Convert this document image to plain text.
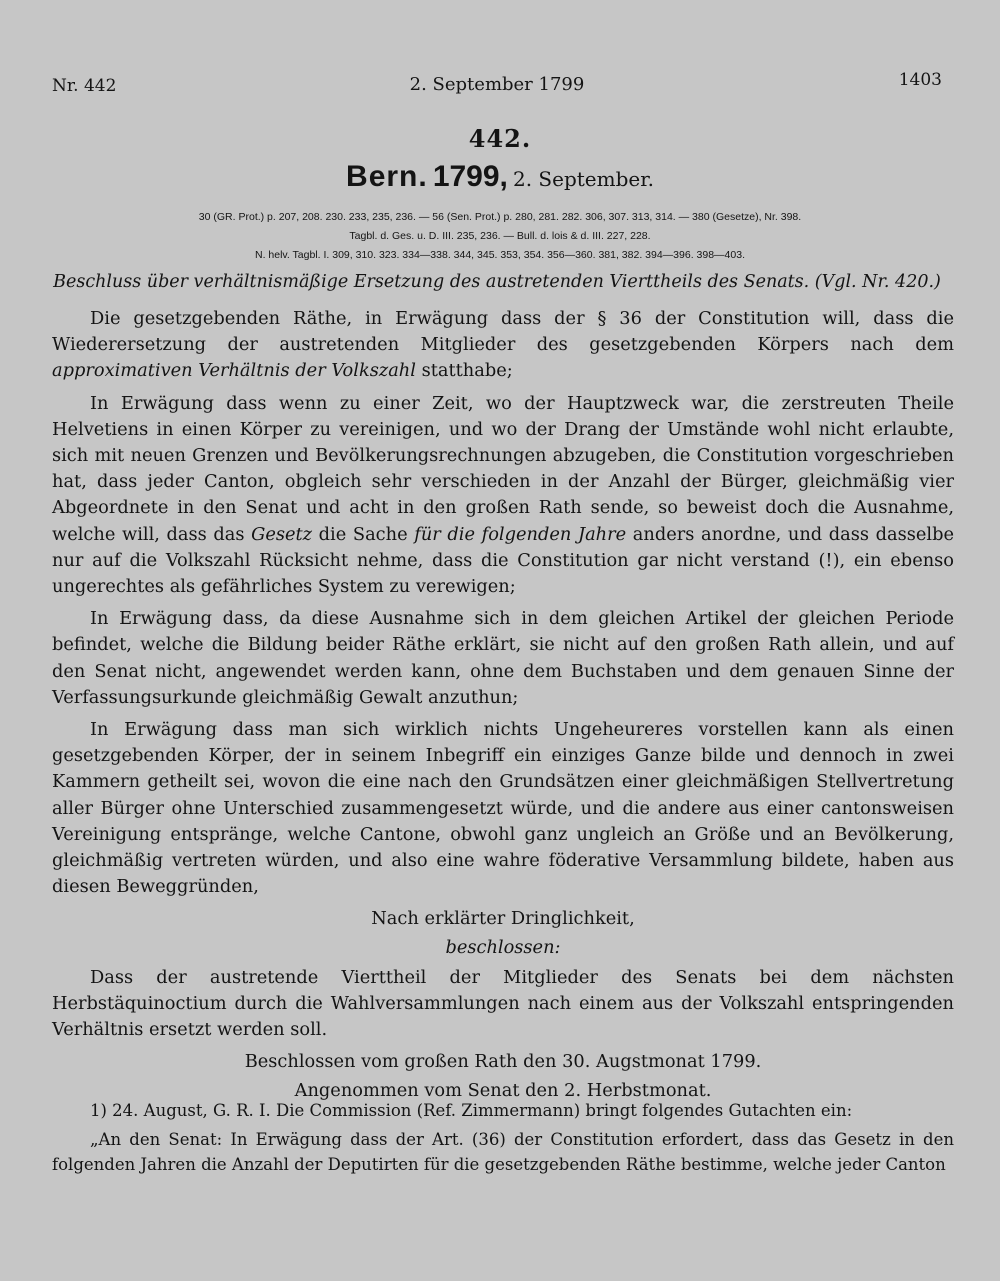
Nr. 442	2. September 1799	1403
442.
Bern. 1799, 2. September.
30 (GR. Prot.) p. 207, 208. 230. 233, 235, 236. — 56 (Sen. Prot.) p. 280, 281. 282. 306, 307. 313, 314. — 380 (Gesetze), Nr. 398.
Tagbl. d. Ges. u. D. III. 235, 236. — Bull. d. lois & d. III. 227, 228.
N. helv. Tagbl. I. 309, 310. 323. 334—338. 344, 345. 353, 354. 356—360. 381, 382. 394—396. 398—403.
Beschluss über verhältnismäßige Ersetzung des austretenden Vierttheils des Senats. (Vgl. Nr. 420.)

Die gesetzgebenden Räthe, in Erwägung dass der § 36 der Constitution will, dass die Wiederersetzung der austretenden Mitglieder des gesetzgebenden Körpers nach dem approximativen Verhältnis der Volkszahl statthabe;

In Erwägung dass wenn zu einer Zeit, wo der Hauptzweck war, die zerstreuten Theile Helvetiens in einen Körper zu vereinigen, und wo der Drang der Umstände wohl nicht erlaubte, sich mit neuen Grenzen und Bevölkerungsrechnungen abzugeben, die Constitution vorgeschrieben hat, dass jeder Canton, obgleich sehr verschieden in der Anzahl der Bürger, gleichmäßig vier Abgeordnete in den Senat und acht in den großen Rath sende, so beweist doch die Ausnahme, welche will, dass das Gesetz die Sache für die folgenden Jahre anders anordne, und dass dasselbe nur auf die Volkszahl Rücksicht nehme, dass die Constitution gar nicht verstand (!), ein ebenso ungerechtes als gefährliches System zu verewigen;

In Erwägung dass, da diese Ausnahme sich in dem gleichen Artikel der gleichen Periode befindet, welche die Bildung beider Räthe erklärt, sie nicht auf den großen Rath allein, und auf den Senat nicht, angewendet werden kann, ohne dem Buchstaben und dem genauen Sinne der Verfassungsurkunde gleichmäßig Gewalt anzuthun;

In Erwägung dass man sich wirklich nichts Ungeheureres vorstellen kann als einen gesetzgebenden Körper, der in seinem Inbegriff ein einziges Ganze bilde und dennoch in zwei Kammern getheilt sei, wovon die eine nach den Grundsätzen einer gleichmäßigen Stellvertretung aller Bürger ohne Unterschied zusammengesetzt würde, und die andere aus einer cantonsweisen Vereinigung entspränge, welche Cantone, obwohl ganz ungleich an Größe und an Bevölkerung, gleichmäßig vertreten würden, und also eine wahre föderative Versammlung bildete, haben aus diesen Beweggründen,

Nach erklärter Dringlichkeit,

beschlossen:

Dass der austretende Vierttheil der Mitglieder des Senats bei dem nächsten Herbstäquinoctium durch die Wahlversammlungen nach einem aus der Volkszahl entspringenden Verhältnis ersetzt werden soll.

Beschlossen vom großen Rath den 30. Augstmonat 1799.

Angenommen vom Senat den 2. Herbstmonat.

1) 24. August, G. R. I. Die Commission (Ref. Zimmermann) bringt folgendes Gutachten ein:

„An den Senat: In Erwägung dass der Art. (36) der Constitution erfordert, dass das Gesetz in den folgenden Jahren die Anzahl der Deputirten für die gesetzgebenden Räthe bestimme, welche jeder Canton
